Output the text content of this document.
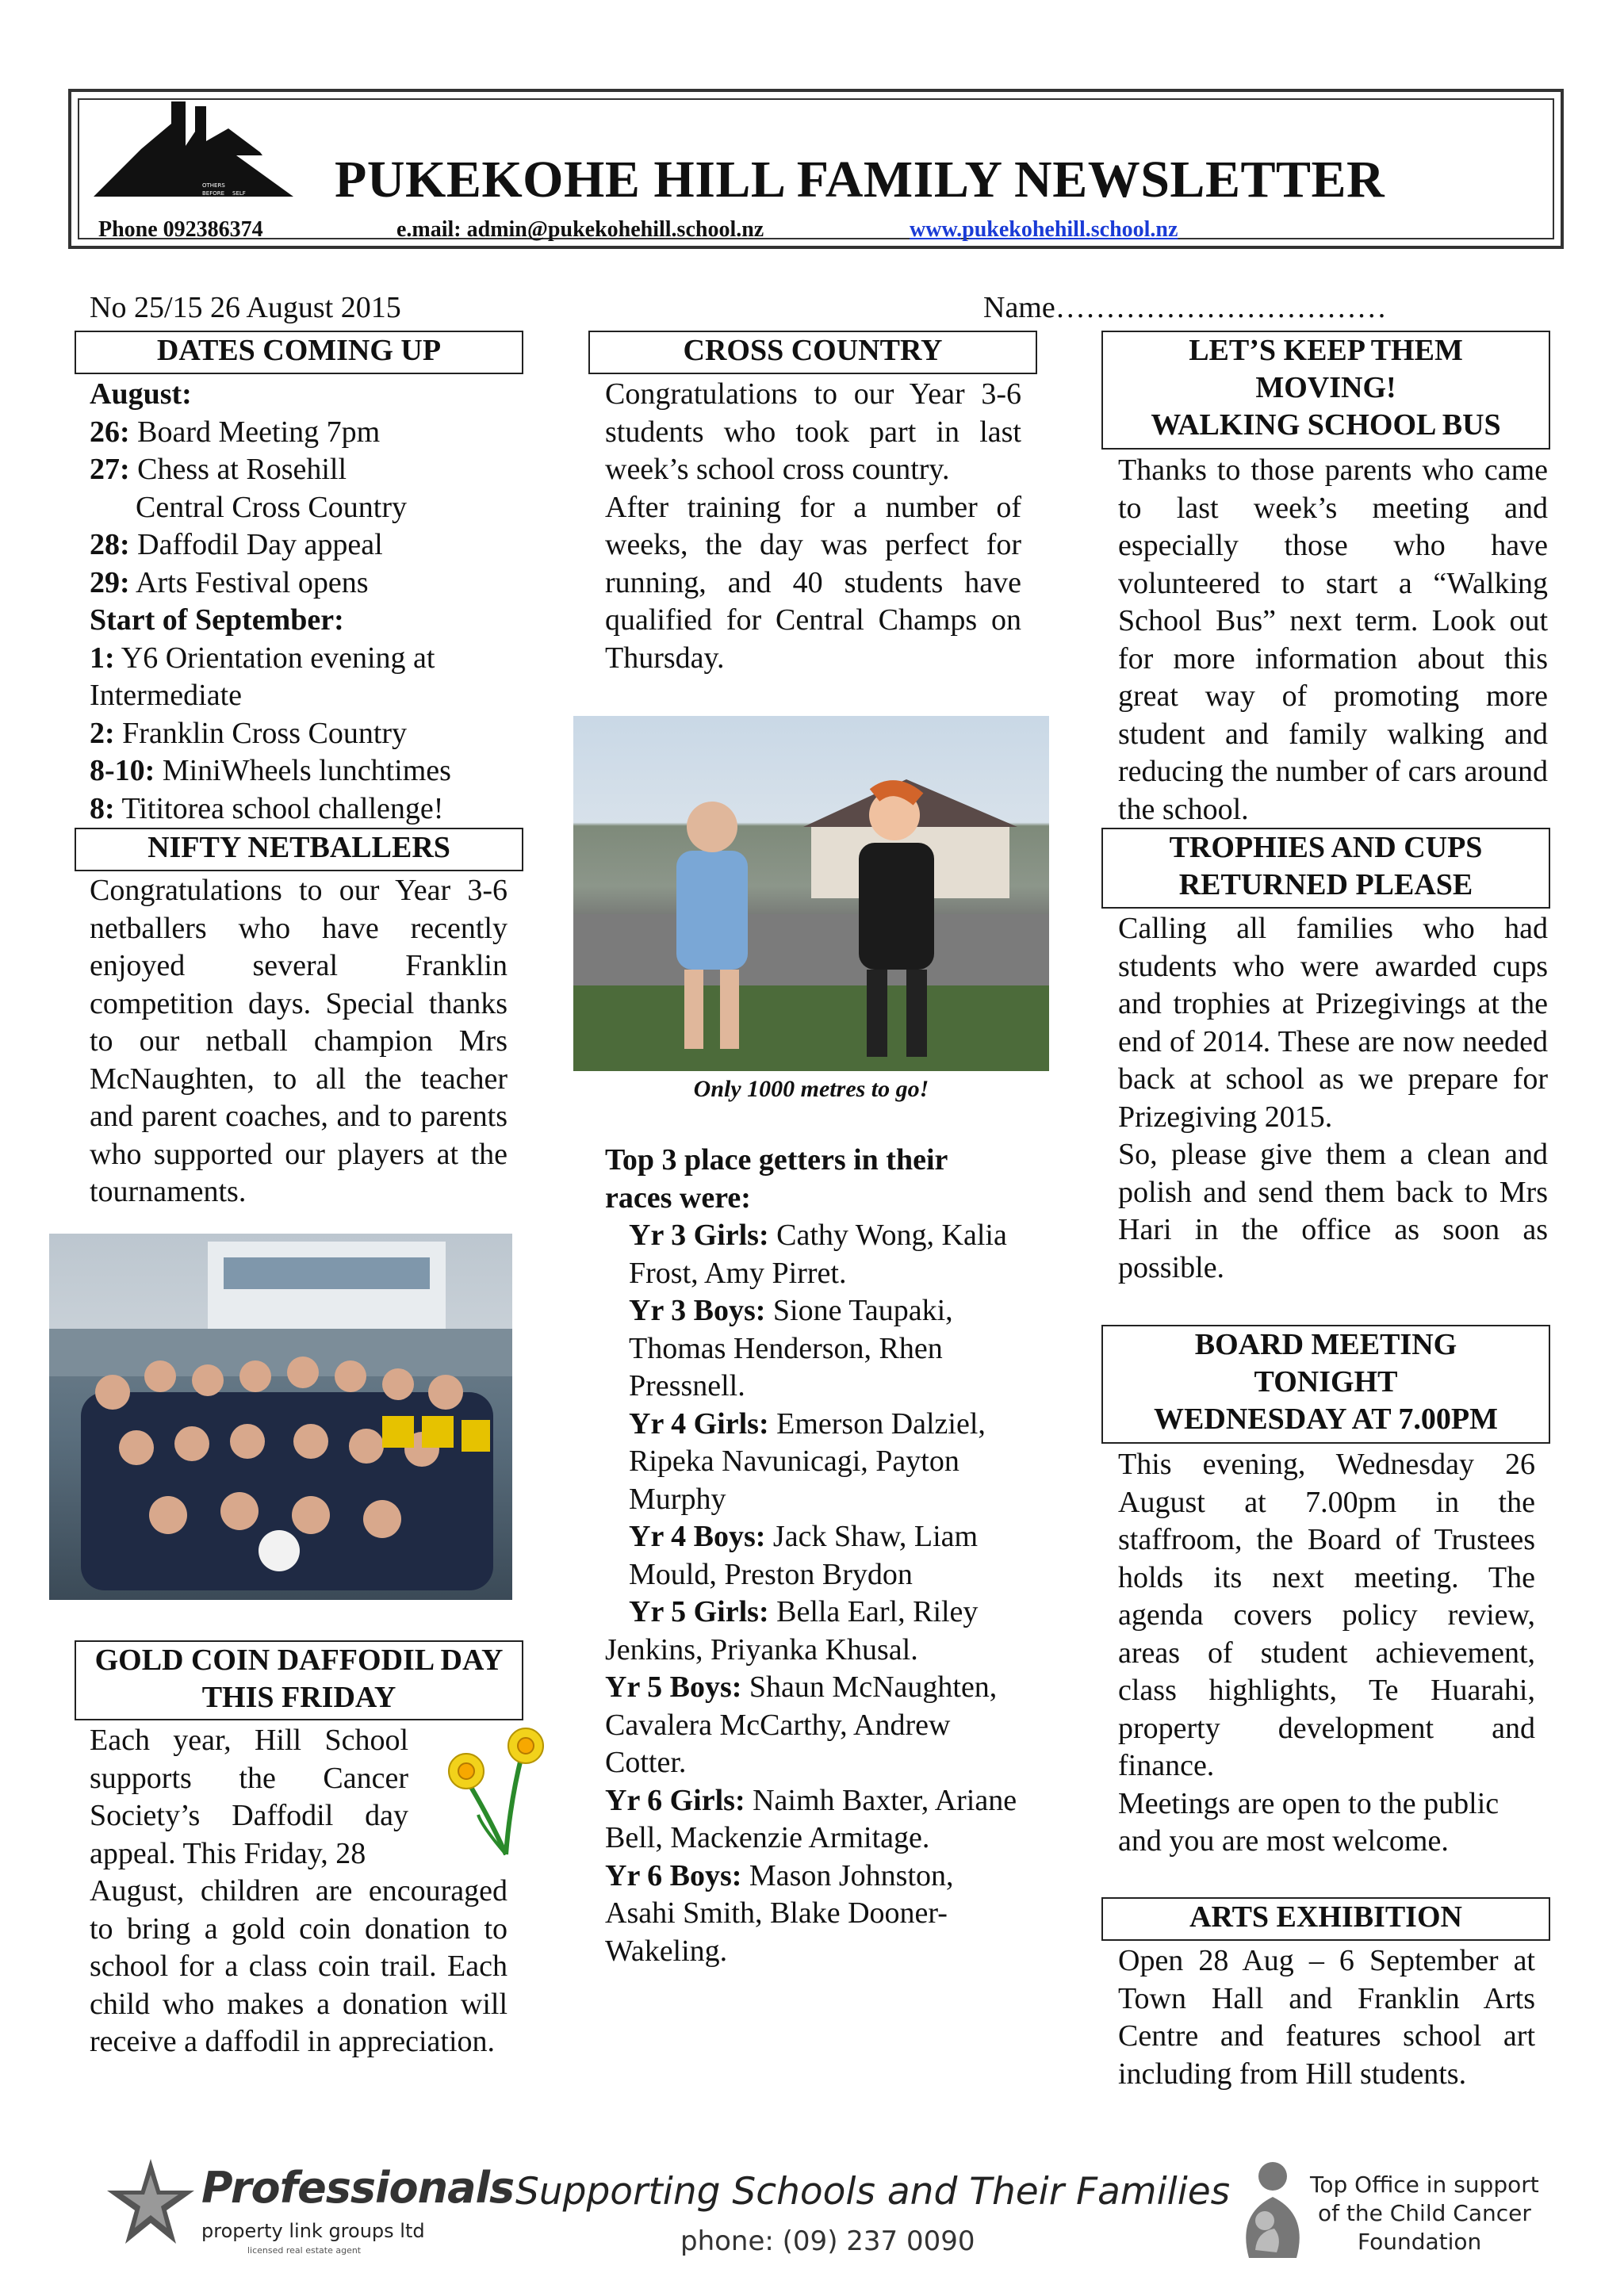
OTHERS
BEFORE SELF PUKEKOHE HILL FAMILY NEWSLETTER
Phone 092386374	e.mail: admin@pukekohehill.school.nz	www.pukekohehill.school.nz
No 25/15 26 August 2015	Name……………………………
DATES COMING UP

August:

26: Board Meeting 7pm

27: Chess at Rosehill

Central Cross Country

28: Daffodil Day appeal

29: Arts Festival opens

Start of September:

1: Y6 Orientation evening at Intermediate

2: Franklin Cross Country

8-10: MiniWheels lunchtimes

8: Tititorea school challenge!

NIFTY NETBALLERS
Congratulations to our Year 3-6 netballers who have recently enjoyed several Franklin competition days. Special thanks to our netball champion Mrs McNaughten, to all the teacher and parent coaches, and to parents who supported our players at the tournaments.
GOLD COIN DAFFODIL DAY THIS FRIDAY
Each year, Hill School supports the Cancer Society’s Daffodil day appeal. This Friday, 28
August, children are encouraged to bring a gold coin donation to school for a class coin trail. Each child who makes a donation will receive a daffodil in appreciation.
CROSS COUNTRY

Congratulations to our Year 3-6 students who took part in last week’s school cross country.

After training for a number of weeks, the day was perfect for running, and 40 students have qualified for Central Champs on Thursday.

Only 1000 metres to go!

Top 3 place getters in their races were:

Yr 3 Girls: Cathy Wong, Kalia Frost, Amy Pirret.

Yr 3 Boys: Sione Taupaki, Thomas Henderson, Rhen Pressnell.

Yr 4 Girls: Emerson Dalziel, Ripeka Navunicagi, Payton Murphy

Yr 4 Boys: Jack Shaw, Liam Mould, Preston Brydon

Yr 5 Girls: Bella Earl, Riley Jenkins, Priyanka Khusal.

Yr 5 Boys: Shaun McNaughten, Cavalera McCarthy, Andrew Cotter.

Yr 6 Girls: Naimh Baxter, Ariane Bell, Mackenzie Armitage.

Yr 6 Boys: Mason Johnston, Asahi Smith, Blake Dooner-Wakeling.

LET’S KEEP THEM
MOVING!
WALKING SCHOOL BUS
Thanks to those parents who came to last week’s meeting and especially those who have volunteered to start a “Walking School Bus” next term. Look out for more information about this great way of promoting more student and family walking and reducing the number of cars around the school.
TROPHIES AND CUPS
RETURNED PLEASE

Calling all families who had students who were awarded cups and trophies at Prizegivings at the end of 2014. These are now needed back at school as we prepare for Prizegiving 2015.

So, please give them a clean and polish and send them back to Mrs Hari in the office as soon as possible.

BOARD MEETING
TONIGHT
WEDNESDAY AT 7.00PM

This evening, Wednesday 26 August at 7.00pm in the staffroom, the Board of Trustees holds its next meeting. The agenda covers policy review, areas of student achievement, class highlights, Te Huarahi, property development and finance.

Meetings are open to the public and you are most welcome.

ARTS EXHIBITION
Open 28 Aug – 6 September at Town Hall and Franklin Arts Centre and features school art including from Hill students.
Professionals
property link groups ltd
licensed real estate agent
Supporting Schools and Their Families
phone: (09) 237 0090
Top Office in support
of the Child Cancer
Foundation
